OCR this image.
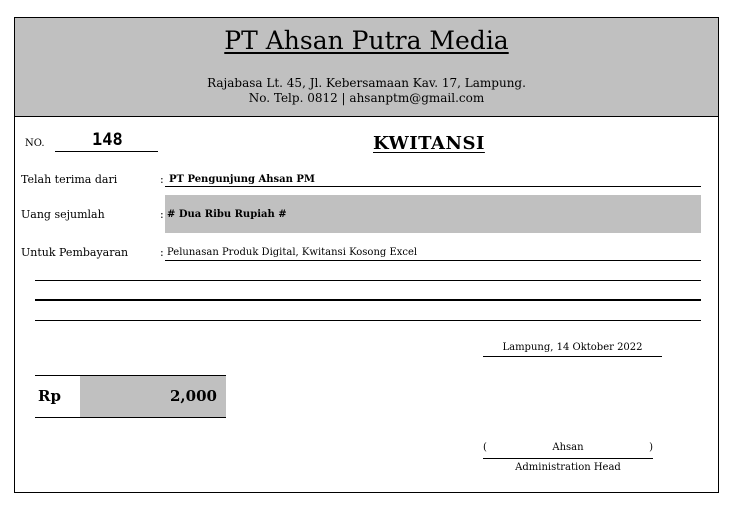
PT Ahsan Putra Media
Rajabasa Lt. 45, Jl. Kebersamaan Kav. 17, Lampung.
No. Telp. 0812 | ahsanptm@gmail.com
NO.	148	KWITANSI
Telah terima dari	: PT Pengunjung Ahsan PM
Uang sejumlah	: # Dua Ribu Rupiah #
Untuk Pembayaran	: Pelunasan Produk Digital, Kwitansi Kosong Excel
Lampung, 14 Oktober 2022
Rp	2,000
(	Ahsan	)
Administration Head
